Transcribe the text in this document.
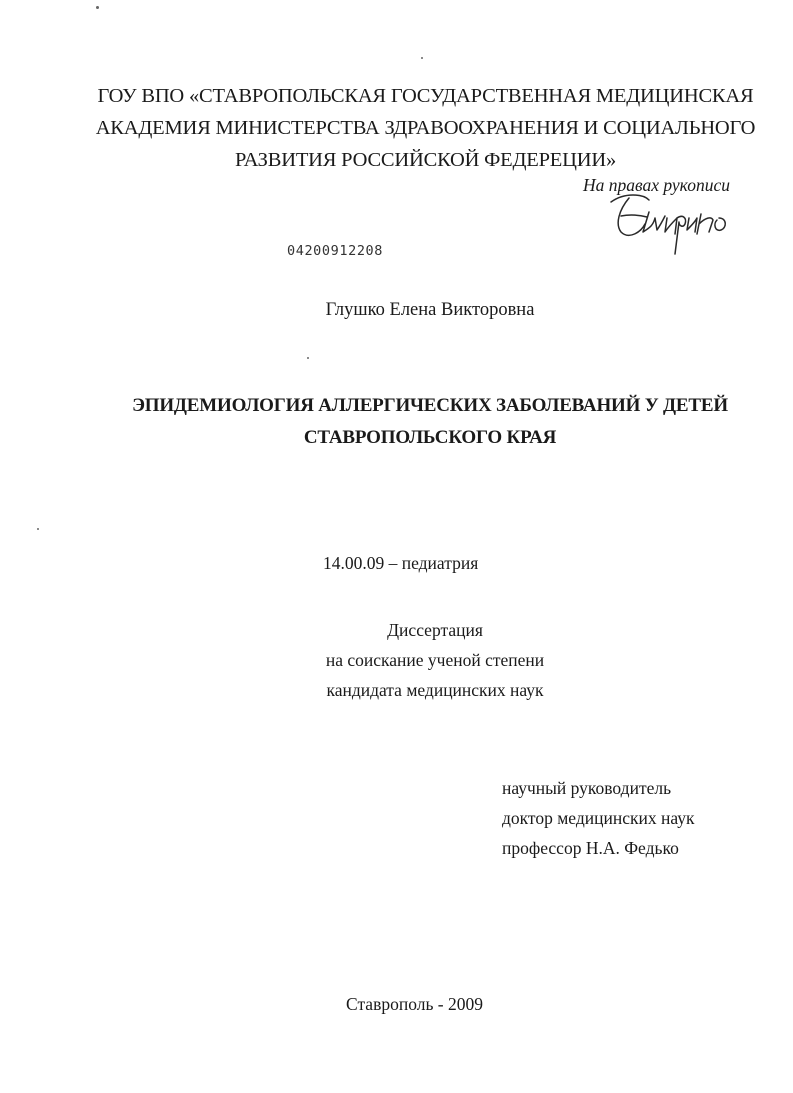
ГОУ ВПО «СТАВРОПОЛЬСКАЯ ГОСУДАРСТВЕННАЯ МЕДИЦИНСКАЯ
АКАДЕМИЯ МИНИСТЕРСТВА ЗДРАВООХРАНЕНИЯ И СОЦИАЛЬНОГО
РАЗВИТИЯ РОССИЙСКОЙ ФЕДЕРЕЦИИ»
На правах рукописи
04200912208
Глушко Елена Викторовна
ЭПИДЕМИОЛОГИЯ АЛЛЕРГИЧЕСКИХ ЗАБОЛЕВАНИЙ У ДЕТЕЙ
СТАВРОПОЛЬСКОГО КРАЯ
14.00.09 – педиатрия
Диссертация
на соискание ученой степени
кандидата медицинских наук
научный руководитель
доктор медицинских наук
профессор Н.А. Федько
Ставрополь - 2009
